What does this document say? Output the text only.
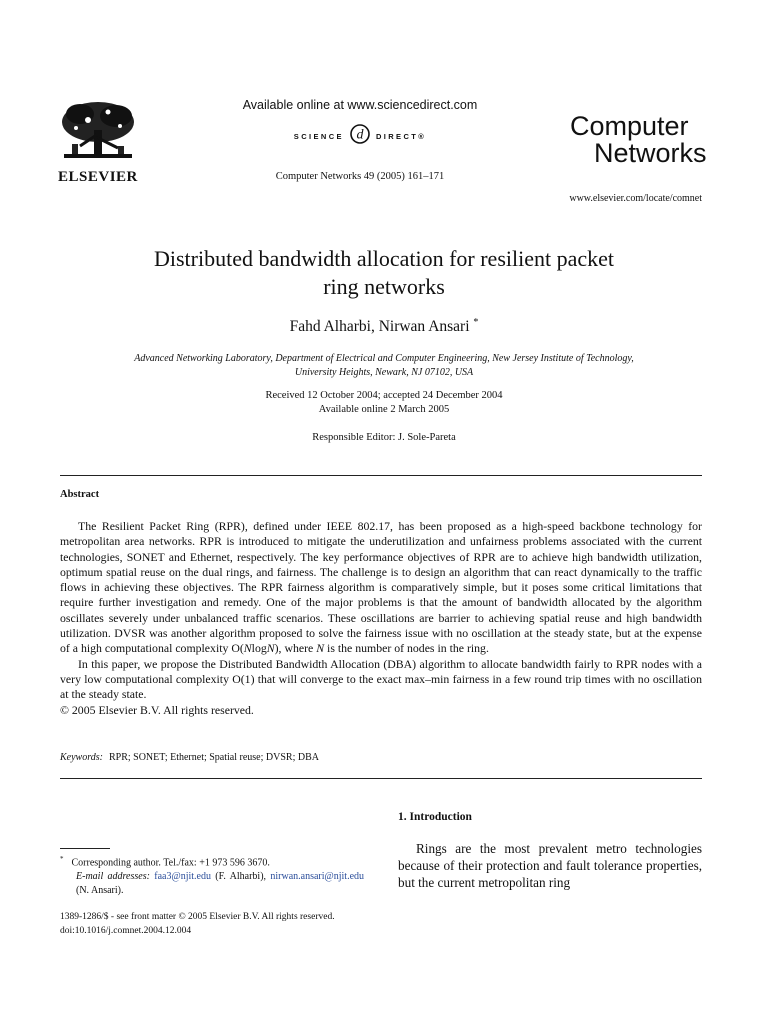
ELSEVIER
Available online at www.sciencedirect.com
SCIENCE d DIRECT®
Computer Networks 49 (2005) 161–171
Computer
Networks
www.elsevier.com/locate/comnet
Distributed bandwidth allocation for resilient packet
ring networks
Fahd Alharbi, Nirwan Ansari *
Advanced Networking Laboratory, Department of Electrical and Computer Engineering, New Jersey Institute of Technology,
University Heights, Newark, NJ 07102, USA
Received 12 October 2004; accepted 24 December 2004
Available online 2 March 2005
Responsible Editor: J. Sole-Pareta
Abstract

The Resilient Packet Ring (RPR), defined under IEEE 802.17, has been proposed as a high-speed backbone technology for metropolitan area networks. RPR is introduced to mitigate the underutilization and unfairness problems associated with the current technologies, SONET and Ethernet, respectively. The key performance objectives of RPR are to achieve high bandwidth utilization, optimum spatial reuse on the dual rings, and fairness. The challenge is to design an algorithm that can react dynamically to the traffic flows in achieving these objectives. The RPR fairness algorithm is comparatively simple, but it poses some critical limitations that require further investigation and remedy. One of the major problems is that the amount of bandwidth allocated by the algorithm oscillates severely under unbalanced traffic scenarios. These oscillations are barrier to achieving spatial reuse and high bandwidth utilization. DVSR was another algorithm proposed to solve the fairness issue with no oscillation at the steady state, but at the expense of a high computational complexity O(NlogN), where N is the number of nodes in the ring.

In this paper, we propose the Distributed Bandwidth Allocation (DBA) algorithm to allocate bandwidth fairly to RPR nodes with a very low computational complexity O(1) that will converge to the exact max–min fairness in a few round trip times with no oscillation at the steady state.

© 2005 Elsevier B.V. All rights reserved.

Keywords: RPR; SONET; Ethernet; Spatial reuse; DVSR; DBA
1. Introduction

Rings are the most prevalent metro technologies because of their protection and fault tolerance properties, but the current metropolitan ring

* Corresponding author. Tel./fax: +1 973 596 3670.
E-mail addresses: faa3@njit.edu (F. Alharbi), nirwan.ansari@njit.edu (N. Ansari).
1389-1286/$ - see front matter © 2005 Elsevier B.V. All rights reserved.
doi:10.1016/j.comnet.2004.12.004
